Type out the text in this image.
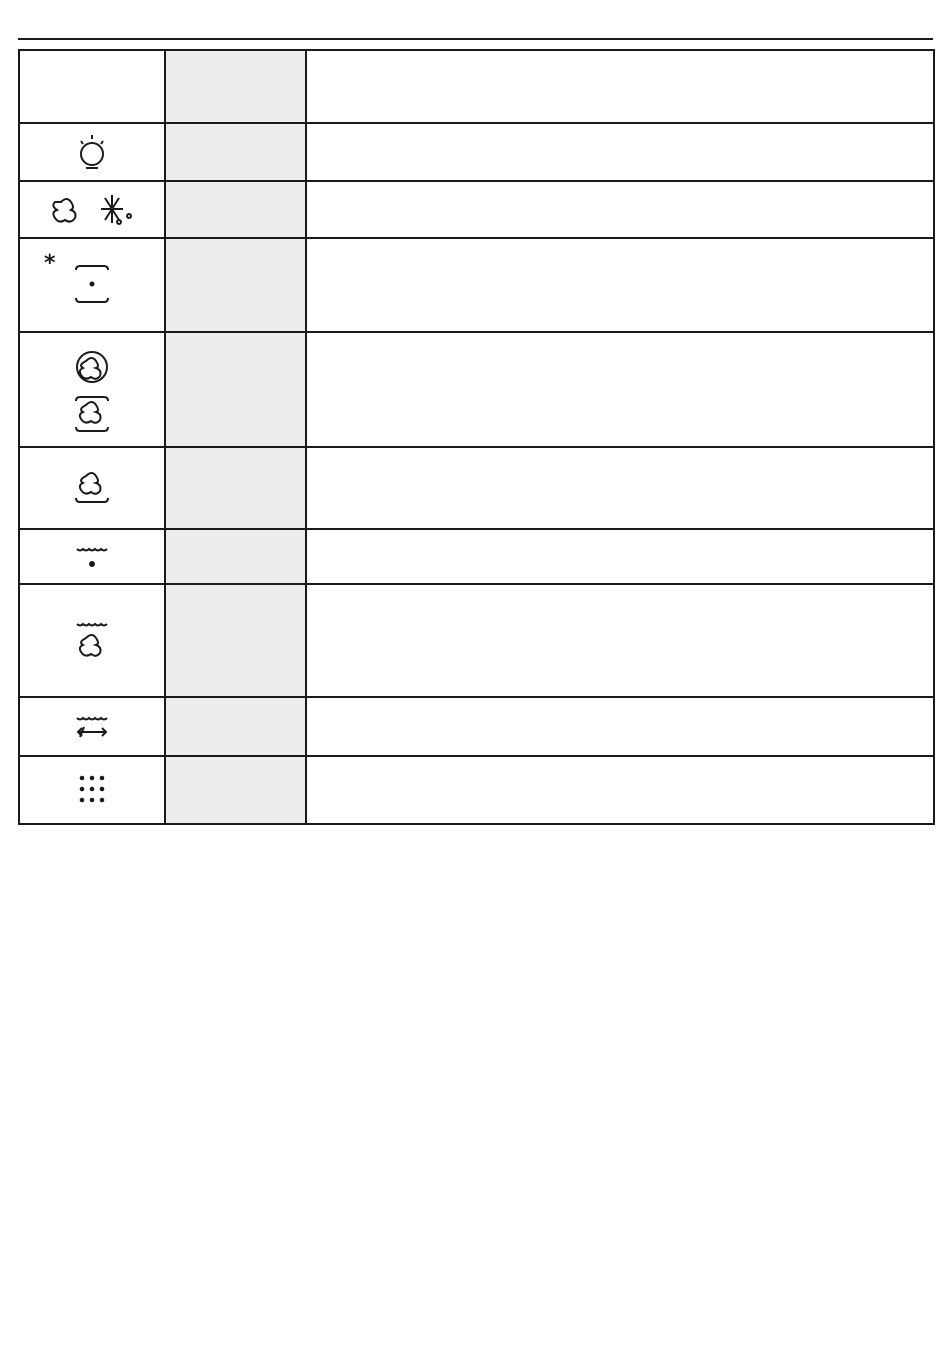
*		
